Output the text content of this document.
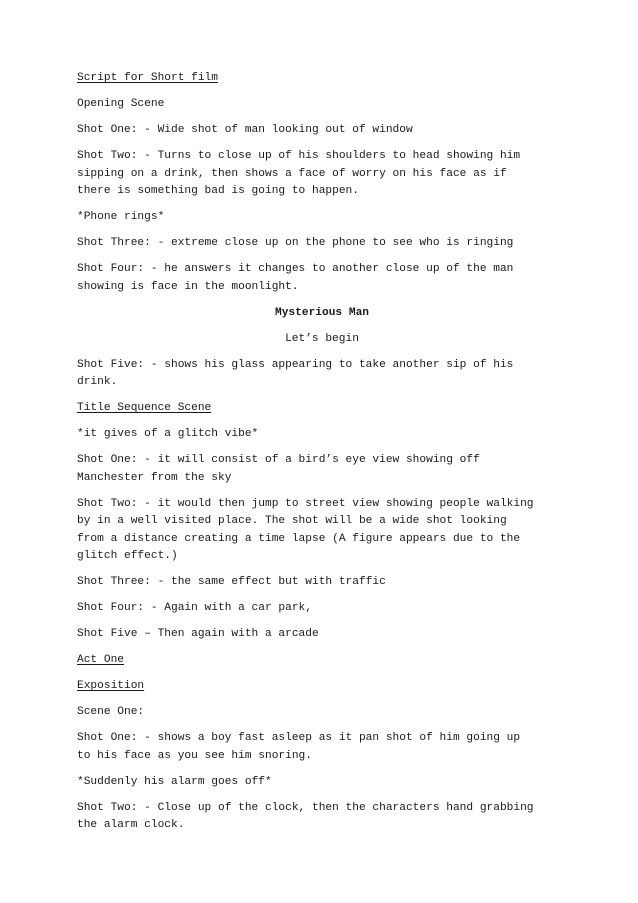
Script for Short film

Opening Scene

Shot One: - Wide shot of man looking out of window

Shot Two: - Turns to close up of his shoulders to head showing him
sipping on a drink, then shows a face of worry on his face as if
there is something bad is going to happen.

*Phone rings*

Shot Three: - extreme close up on the phone to see who is ringing

Shot Four: - he answers it changes to another close up of the man
showing is face in the moonlight.

Mysterious Man

Let’s begin

Shot Five: - shows his glass appearing to take another sip of his
drink.

Title Sequence Scene

*it gives of a glitch vibe*

Shot One: - it will consist of a bird’s eye view showing off
Manchester from the sky

Shot Two: - it would then jump to street view showing people walking
by in a well visited place. The shot will be a wide shot looking
from a distance creating a time lapse (A figure appears due to the
glitch effect.)

Shot Three: - the same effect but with traffic

Shot Four: - Again with a car park,

Shot Five – Then again with a arcade

Act One

Exposition

Scene One:

Shot One: - shows a boy fast asleep as it pan shot of him going up
to his face as you see him snoring.

*Suddenly his alarm goes off*

Shot Two: - Close up of the clock, then the characters hand grabbing
the alarm clock.
